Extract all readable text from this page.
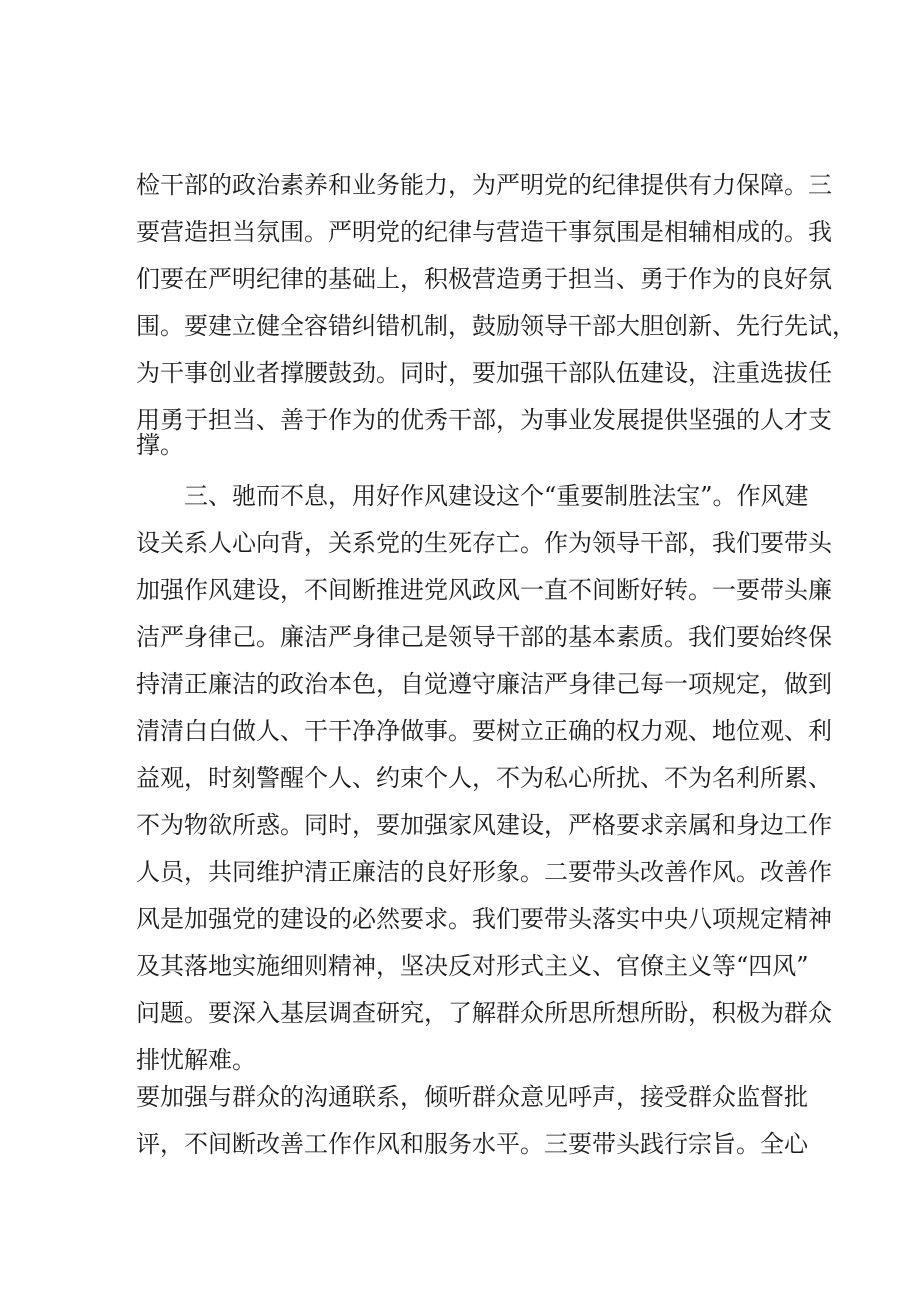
检干部的政治素养和业务能力，为严明党的纪律提供有力保障。三
要营造担当氛围。严明党的纪律与营造干事氛围是相辅相成的。我
们要在严明纪律的基础上，积极营造勇于担当、勇于作为的良好氛
围。要建立健全容错纠错机制，鼓励领导干部大胆创新、先行先试，
为干事创业者撑腰鼓劲。同时，要加强干部队伍建设，注重选拔任
用勇于担当、善于作为的优秀干部，为事业发展提供坚强的人才支
撑。
三、驰而不息，用好作风建设这个“重要制胜法宝”。作风建
设关系人心向背，关系党的生死存亡。作为领导干部，我们要带头
加强作风建设，不间断推进党风政风一直不间断好转。一要带头廉
洁严身律己。廉洁严身律己是领导干部的基本素质。我们要始终保
持清正廉洁的政治本色，自觉遵守廉洁严身律己每一项规定，做到
清清白白做人、干干净净做事。要树立正确的权力观、地位观、利
益观，时刻警醒个人、约束个人，不为私心所扰、不为名利所累、
不为物欲所惑。同时，要加强家风建设，严格要求亲属和身边工作
人员，共同维护清正廉洁的良好形象。二要带头改善作风。改善作
风是加强党的建设的必然要求。我们要带头落实中央八项规定精神
及其落地实施细则精神，坚决反对形式主义、官僚主义等“四风”
问题。要深入基层调查研究，了解群众所思所想所盼，积极为群众
排忧解难。
要加强与群众的沟通联系，倾听群众意见呼声，接受群众监督批
评，不间断改善工作作风和服务水平。三要带头践行宗旨。全心
